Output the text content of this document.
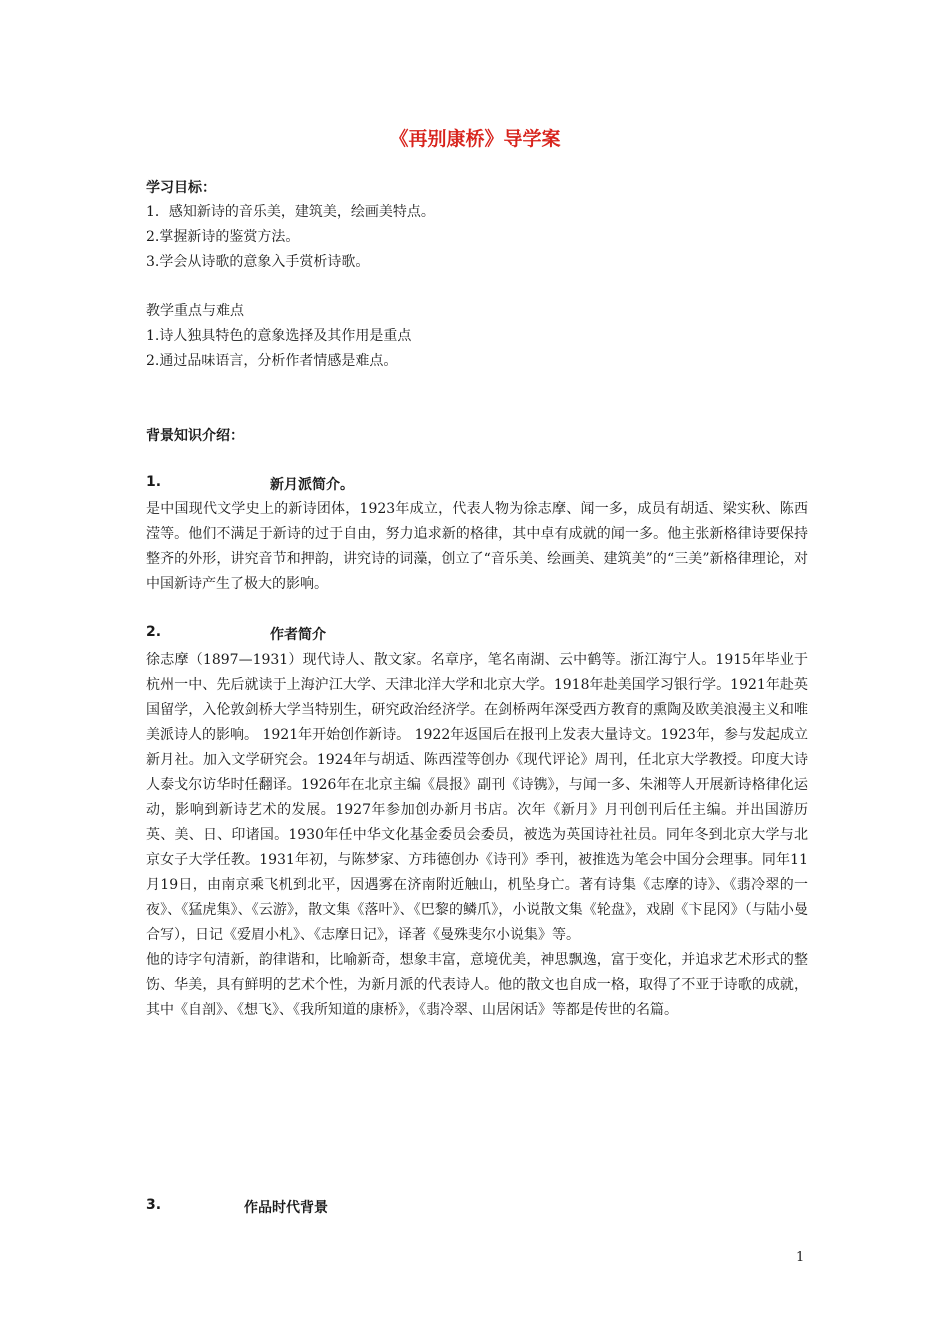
《再别康桥》导学案
学习目标：
1．感知新诗的音乐美，建筑美，绘画美特点。
2.掌握新诗的鉴赏方法。
3.学会从诗歌的意象入手赏析诗歌。
教学重点与难点
1.诗人独具特色的意象选择及其作用是重点
2.通过品味语言，分析作者情感是难点。
背景知识介绍：
1.	新月派简介。

是中国现代文学史上的新诗团体，1923年成立，代表人物为徐志摩、闻一多，成员有胡适、梁实秋、陈西滢等。他们不满足于新诗的过于自由，努力追求新的格律，其中卓有成就的闻一多。他主张新格律诗要保持整齐的外形，讲究音节和押韵，讲究诗的词藻，创立了“音乐美、绘画美、建筑美”的“三美”新格律理论，对中国新诗产生了极大的影响。

2.	作者简介

徐志摩（1897—1931）现代诗人、散文家。名章序，笔名南湖、云中鹤等。浙江海宁人。1915年毕业于杭州一中、先后就读于上海沪江大学、天津北洋大学和北京大学。1918年赴美国学习银行学。1921年赴英国留学，入伦敦剑桥大学当特别生，研究政治经济学。在剑桥两年深受西方教育的熏陶及欧美浪漫主义和唯美派诗人的影响。 1921年开始创作新诗。 1922年返国后在报刊上发表大量诗文。1923年，参与发起成立新月社。加入文学研究会。1924年与胡适、陈西滢等创办《现代评论》周刊，任北京大学教授。印度大诗人泰戈尔访华时任翻译。1926年在北京主编《晨报》副刊《诗镌》，与闻一多、朱湘等人开展新诗格律化运动，影响到新诗艺术的发展。1927年参加创办新月书店。次年《新月》月刊创刊后任主编。并出国游历英、美、日、印诸国。1930年任中华文化基金委员会委员，被选为英国诗社社员。同年冬到北京大学与北京女子大学任教。1931年初，与陈梦家、方玮德创办《诗刊》季刊，被推选为笔会中国分会理事。同年11月19日，由南京乘飞机到北平，因遇雾在济南附近触山，机坠身亡。著有诗集《志摩的诗》、《翡冷翠的一夜》、《猛虎集》、《云游》，散文集《落叶》、《巴黎的鳞爪》，小说散文集《轮盘》，戏剧《卞昆冈》（与陆小曼合写），日记《爱眉小札》、《志摩日记》，译著《曼殊斐尔小说集》等。

他的诗字句清新，韵律谐和，比喻新奇，想象丰富，意境优美，神思飘逸，富于变化，并追求艺术形式的整饬、华美，具有鲜明的艺术个性，为新月派的代表诗人。他的散文也自成一格，取得了不亚于诗歌的成就，其中《自剖》、《想飞》、《我所知道的康桥》，《翡冷翠、山居闲话》等都是传世的名篇。

3.	作品时代背景
1
